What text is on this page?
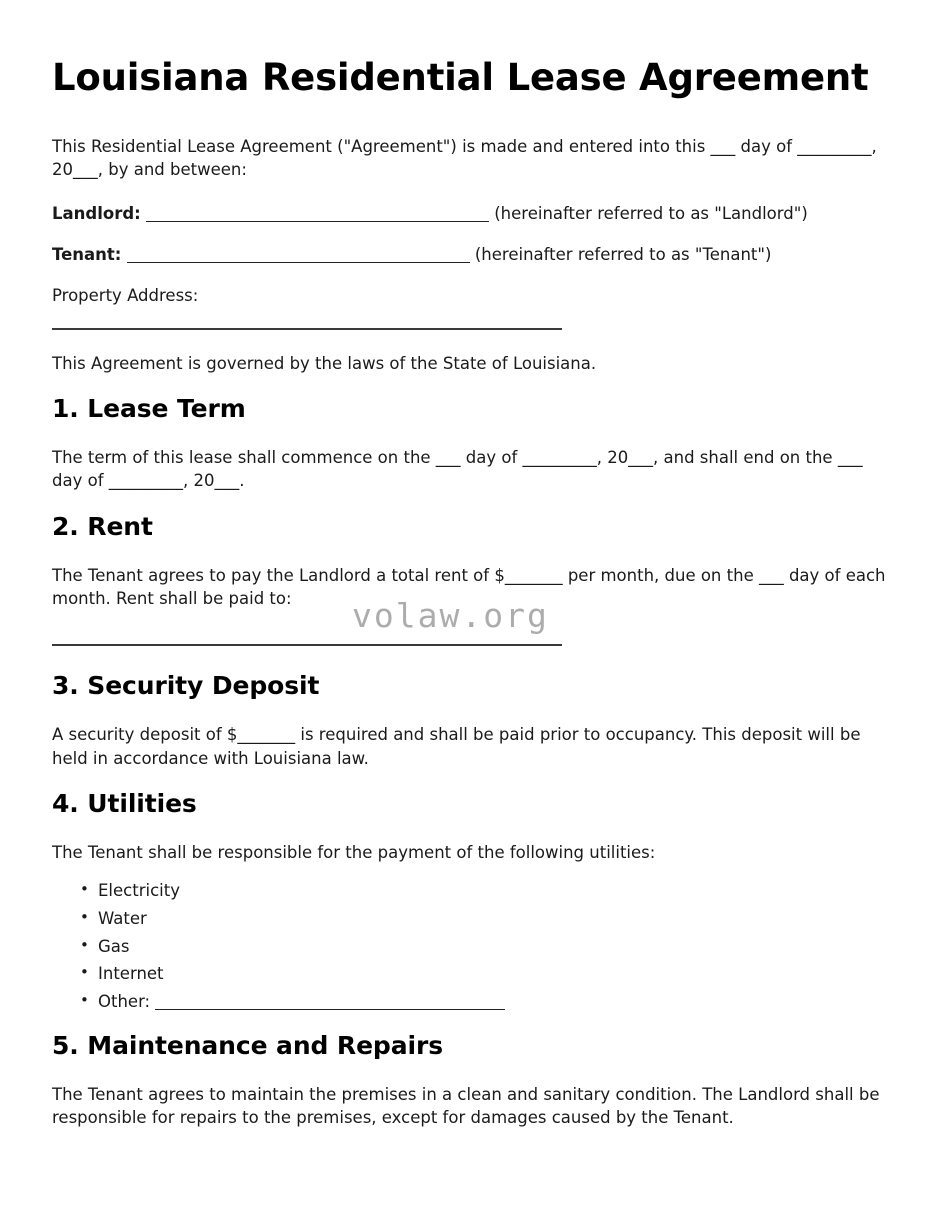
Louisiana Residential Lease Agreement

This Residential Lease Agreement ("Agreement") is made and entered into this ___ day of _________, 20___, by and between:

Landlord:	(hereinafter referred to as "Landlord")
Tenant:	(hereinafter referred to as "Tenant")

Property Address:

This Agreement is governed by the laws of the State of Louisiana.

1. Lease Term

The term of this lease shall commence on the ___ day of _________, 20___, and shall end on the ___ day of _________, 20___.

2. Rent

The Tenant agrees to pay the Landlord a total rent of $_______ per month, due on the ___ day of each month. Rent shall be paid to:

3. Security Deposit

A security deposit of $_______ is required and shall be paid prior to occupancy. This deposit will be held in accordance with Louisiana law.

4. Utilities

The Tenant shall be responsible for the payment of the following utilities:

• Electricity
• Water
• Gas
• Internet
• Other:
5. Maintenance and Repairs

The Tenant agrees to maintain the premises in a clean and sanitary condition. The Landlord shall be responsible for repairs to the premises, except for damages caused by the Tenant.

volaw.org
